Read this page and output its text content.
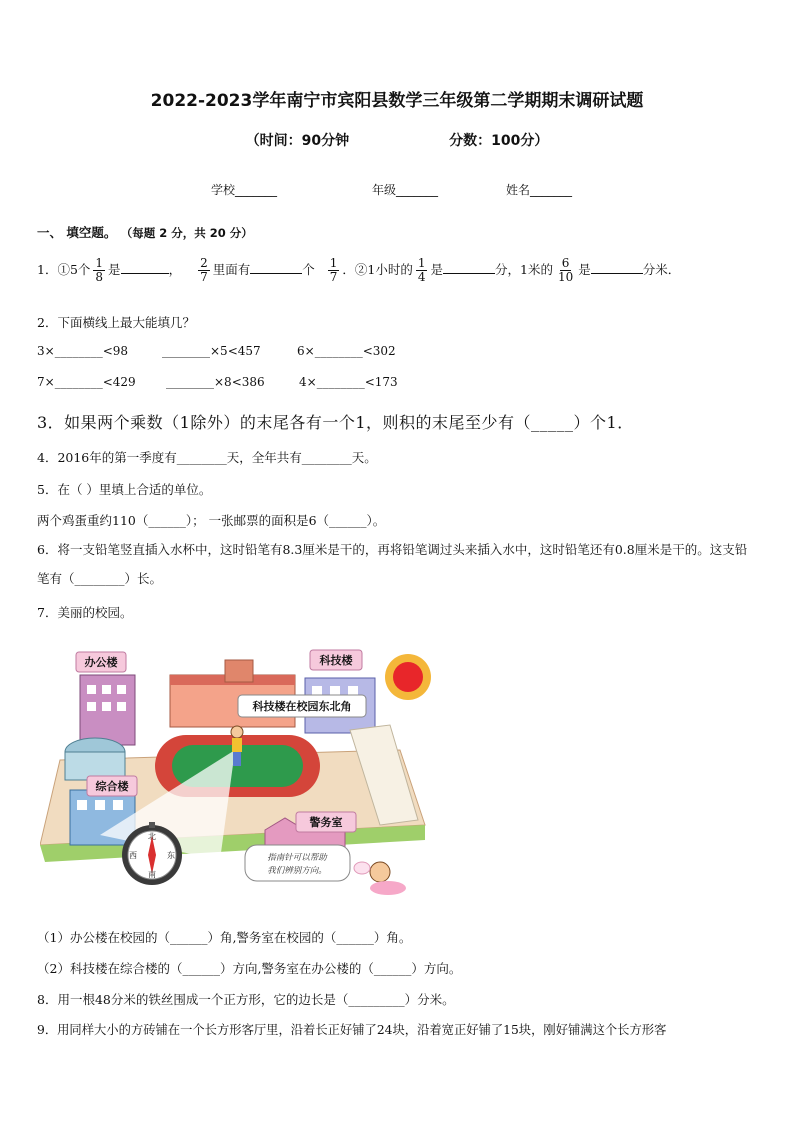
2022-2023学年南宁市宾阳县数学三年级第二学期期末调研试题
（时间：90分钟	分数：100分）
学校_______	年级_______	姓名_______
一、 填空题。 （每题 2 分，共 20 分）
1．①5个 $\frac{1}{8}$ 是	， $\frac{2}{7}$ 里面有	个 $\frac{1}{7}$ ．②1小时的 $\frac{1}{4}$ 是	分，1米的 $\frac{6}{10}$ 是	分米．
2．下面横线上最大能填几？
3×________<98	________×5<457	6×________<302
7×________<429	________×8<386	4×________<173
3．如果两个乘数（1除外）的末尾各有一个1，则积的末尾至少有（_____）个1．
4．2016年的第一季度有________天，全年共有________天。
5．在（ ）里填上合适的单位。
两个鸡蛋重约110（______）； 一张邮票的面积是6（______）。
6．将一支铅笔竖直插入水杯中，这时铅笔有8.3厘米是干的，再将铅笔调过头来插入水中，这时铅笔还有0.8厘米是干的。这支铅笔有（________）长。
7．美丽的校园。
北
南
东
西
办公楼	科技楼
科技楼在校园东北角
综合楼
警务室
指南针可以帮助
我们辨别方向。
（1）办公楼在校园的（______）角,警务室在校园的（______）角。
（2）科技楼在综合楼的（______）方向,警务室在办公楼的（______）方向。
8．用一根48分米的铁丝围成一个正方形，它的边长是（_________）分米。
9．用同样大小的方砖铺在一个长方形客厅里，沿着长正好铺了24块，沿着宽正好铺了15块，刚好铺满这个长方形客
